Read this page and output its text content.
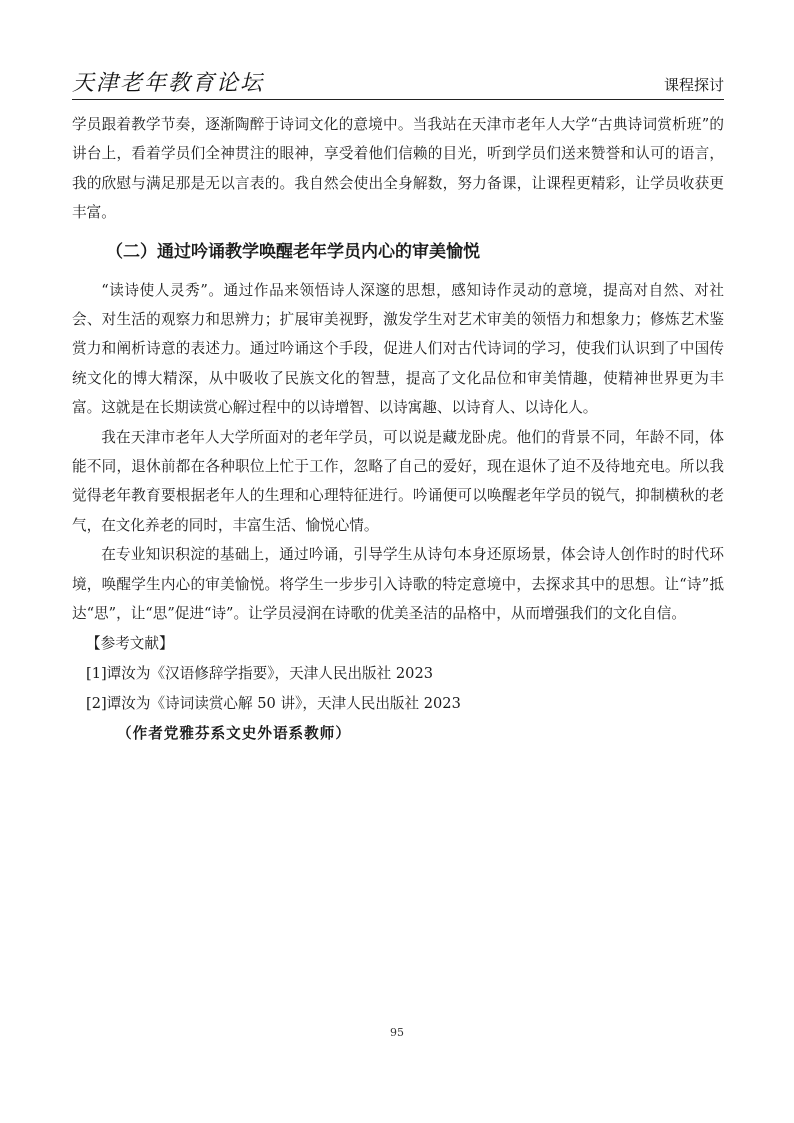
天津老年教育论坛	课程探讨

学员跟着教学节奏，逐渐陶醉于诗词文化的意境中。当我站在天津市老年人大学“古典诗词赏析班”的讲台上，看着学员们全神贯注的眼神，享受着他们信赖的目光，听到学员们送来赞誉和认可的语言，我的欣慰与满足那是无以言表的。我自然会使出全身解数，努力备课，让课程更精彩，让学员收获更丰富。

（二）通过吟诵教学唤醒老年学员内心的审美愉悦

“读诗使人灵秀”。通过作品来领悟诗人深邃的思想，感知诗作灵动的意境，提高对自然、对社会、对生活的观察力和思辨力；扩展审美视野，激发学生对艺术审美的领悟力和想象力；修炼艺术鉴赏力和阐析诗意的表述力。通过吟诵这个手段，促进人们对古代诗词的学习，使我们认识到了中国传统文化的博大精深，从中吸收了民族文化的智慧，提高了文化品位和审美情趣，使精神世界更为丰富。这就是在长期读赏心解过程中的以诗增智、以诗寓趣、以诗育人、以诗化人。

我在天津市老年人大学所面对的老年学员，可以说是藏龙卧虎。他们的背景不同，年龄不同，体能不同，退休前都在各种职位上忙于工作，忽略了自己的爱好，现在退休了迫不及待地充电。所以我觉得老年教育要根据老年人的生理和心理特征进行。吟诵便可以唤醒老年学员的锐气，抑制横秋的老气，在文化养老的同时，丰富生活、愉悦心情。

在专业知识积淀的基础上，通过吟诵，引导学生从诗句本身还原场景，体会诗人创作时的时代环境，唤醒学生内心的审美愉悦。将学生一步步引入诗歌的特定意境中，去探求其中的思想。让“诗”抵达“思”，让“思”促进“诗”。让学员浸润在诗歌的优美圣洁的品格中，从而增强我们的文化自信。

【参考文献】
[1]谭汝为《汉语修辞学指要》，天津人民出版社 2023
[2]谭汝为《诗词读赏心解 50 讲》，天津人民出版社 2023
（作者党雅芬系文史外语系教师）
95
